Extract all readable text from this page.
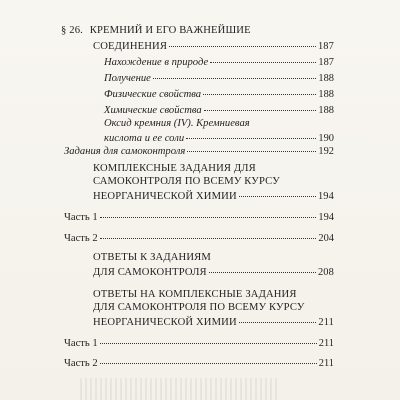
§ 26. КРЕМНИЙ И ЕГО ВАЖНЕЙШИЕ
СОЕДИНЕНИЯ	187
Нахождение в природе	187
Получение	188
Физические свойства	188
Химические свойства	188
Оксид кремния (IV). Кремниевая
кислота и ее соли	190
Задания для самоконтроля	192
КОМПЛЕКСНЫЕ ЗАДАНИЯ ДЛЯ
САМОКОНТРОЛЯ ПО ВСЕМУ КУРСУ
НЕОРГАНИЧЕСКОЙ ХИМИИ	194
Часть 1	194
Часть 2	204
ОТВЕТЫ К ЗАДАНИЯМ
ДЛЯ САМОКОНТРОЛЯ	208
ОТВЕТЫ НА КОМПЛЕКСНЫЕ ЗАДАНИЯ
ДЛЯ САМОКОНТРОЛЯ ПО ВСЕМУ КУРСУ
НЕОРГАНИЧЕСКОЙ ХИМИИ	211
Часть 1	211
Часть 2	211
